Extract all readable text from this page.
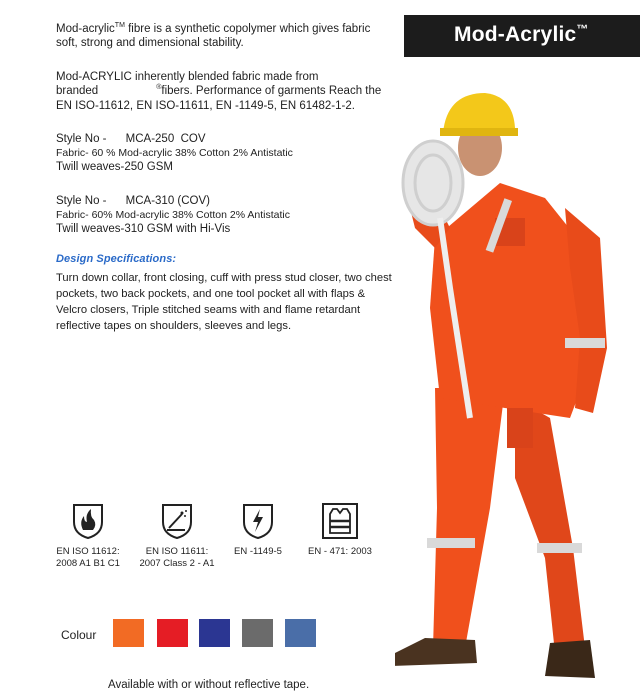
Mod-Acrylic™
Mod-acrylic™ fibre is a synthetic copolymer which gives fabric
soft, strong and dimensional stability.
Mod-ACRYLIC inherently blended fabric made from
branded	®fibers. Performance of garments Reach the
EN ISO-11612, EN ISO-11611, EN -1149-5, EN 61482-1-2.
Style No -      MCA-250  COV
Fabric- 60 % Mod-acrylic 38% Cotton 2% Antistatic
Twill weaves-250 GSM
Style No -      MCA-310 (COV)
Fabric- 60% Mod-acrylic 38% Cotton 2% Antistatic
Twill weaves-310 GSM with Hi-Vis
Design Specifications:
Turn down collar, front closing, cuff with press stud closer, two chest pockets, two back pockets, and one tool pocket all with flaps & Velcro closers, Triple stitched seams with and flame retardant reflective tapes on shoulders, sleeves and legs.
EN ISO 11612:
2008 A1 B1 C1
EN ISO 11611:
2007 Class 2 - A1
EN -1149-5	EN - 471: 2003
Colour
Available with or without reflective tape.
